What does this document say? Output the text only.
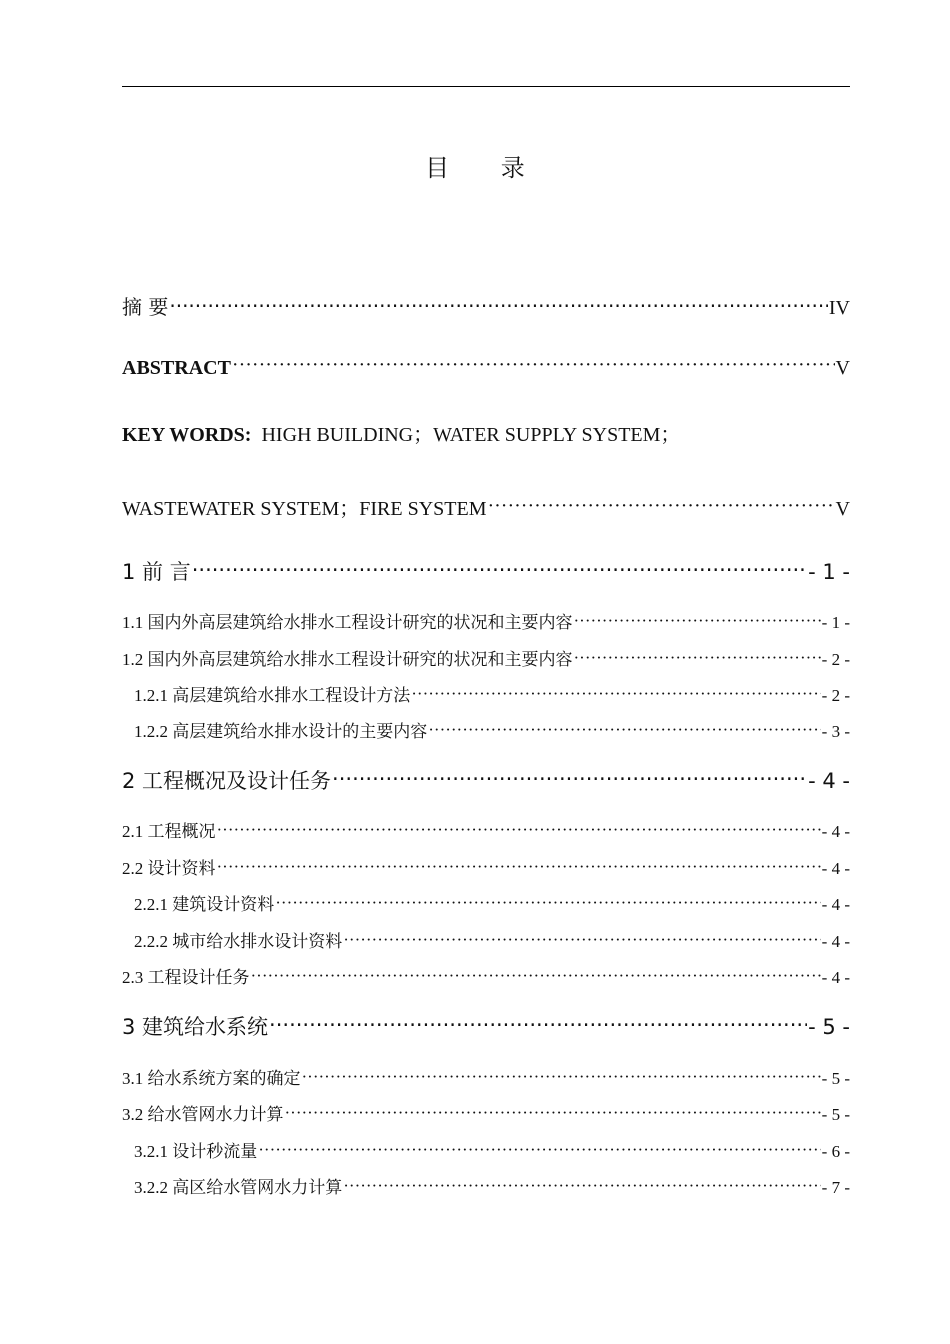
目 录
摘 要 ·····	IV
ABSTRACT ·····	V
KEY WORDS: HIGH BUILDING；WATER SUPPLY SYSTEM；
WASTEWATER SYSTEM；FIRE SYSTEM ·····	V
1 前 言 ·····	- 1 -
1.1 国内外高层建筑给水排水工程设计研究的状况和主要内容 ·····	- 1 -
1.2 国内外高层建筑给水排水工程设计研究的状况和主要内容 ·····	- 2 -
1.2.1 高层建筑给水排水工程设计方法 ·····	- 2 -
1.2.2 高层建筑给水排水设计的主要内容 ·····	- 3 -
2 工程概况及设计任务 ·····	- 4 -
2.1 工程概况 ·····	- 4 -
2.2 设计资料 ·····	- 4 -
2.2.1 建筑设计资料 ·····	- 4 -
2.2.2 城市给水排水设计资料 ·····	- 4 -
2.3 工程设计任务 ·····	- 4 -
3 建筑给水系统 ·····	- 5 -
3.1 给水系统方案的确定 ·····	- 5 -
3.2 给水管网水力计算 ·····	- 5 -
3.2.1 设计秒流量 ·····	- 6 -
3.2.2 高区给水管网水力计算 ·····	- 7 -
